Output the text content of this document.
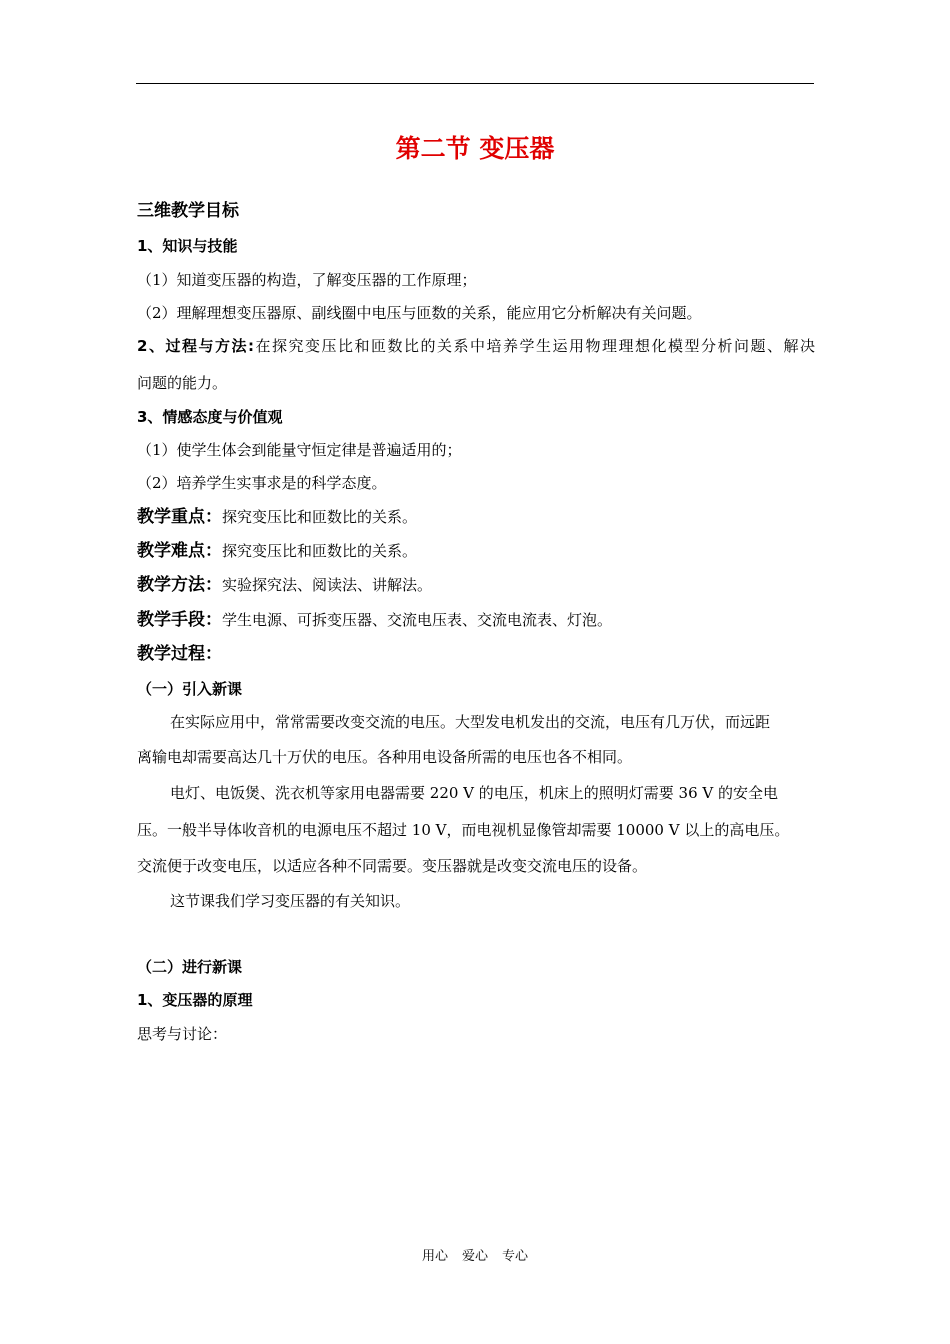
第二节 变压器
三维教学目标
1、知识与技能
（1）知道变压器的构造，了解变压器的工作原理；
（2）理解理想变压器原、副线圈中电压与匝数的关系，能应用它分析解决有关问题。
2、过程与方法:在探究变压比和匝数比的关系中培养学生运用物理理想化模型分析问题、解决
问题的能力。
3、情感态度与价值观
（1）使学生体会到能量守恒定律是普遍适用的；
（2）培养学生实事求是的科学态度。
教学重点：探究变压比和匝数比的关系。
教学难点：探究变压比和匝数比的关系。
教学方法：实验探究法、阅读法、讲解法。
教学手段：学生电源、可拆变压器、交流电压表、交流电流表、灯泡。
教学过程：
（一）引入新课
在实际应用中，常常需要改变交流的电压。大型发电机发出的交流，电压有几万伏，而远距
离输电却需要高达几十万伏的电压。各种用电设备所需的电压也各不相同。
电灯、电饭煲、洗衣机等家用电器需要 220 V 的电压，机床上的照明灯需要 36 V 的安全电
压。一般半导体收音机的电源电压不超过 10 V，而电视机显像管却需要 10000 V 以上的高电压。
交流便于改变电压，以适应各种不同需要。变压器就是改变交流电压的设备。
这节课我们学习变压器的有关知识。
（二）进行新课
1、变压器的原理
思考与讨论：
用心 爱心 专心
